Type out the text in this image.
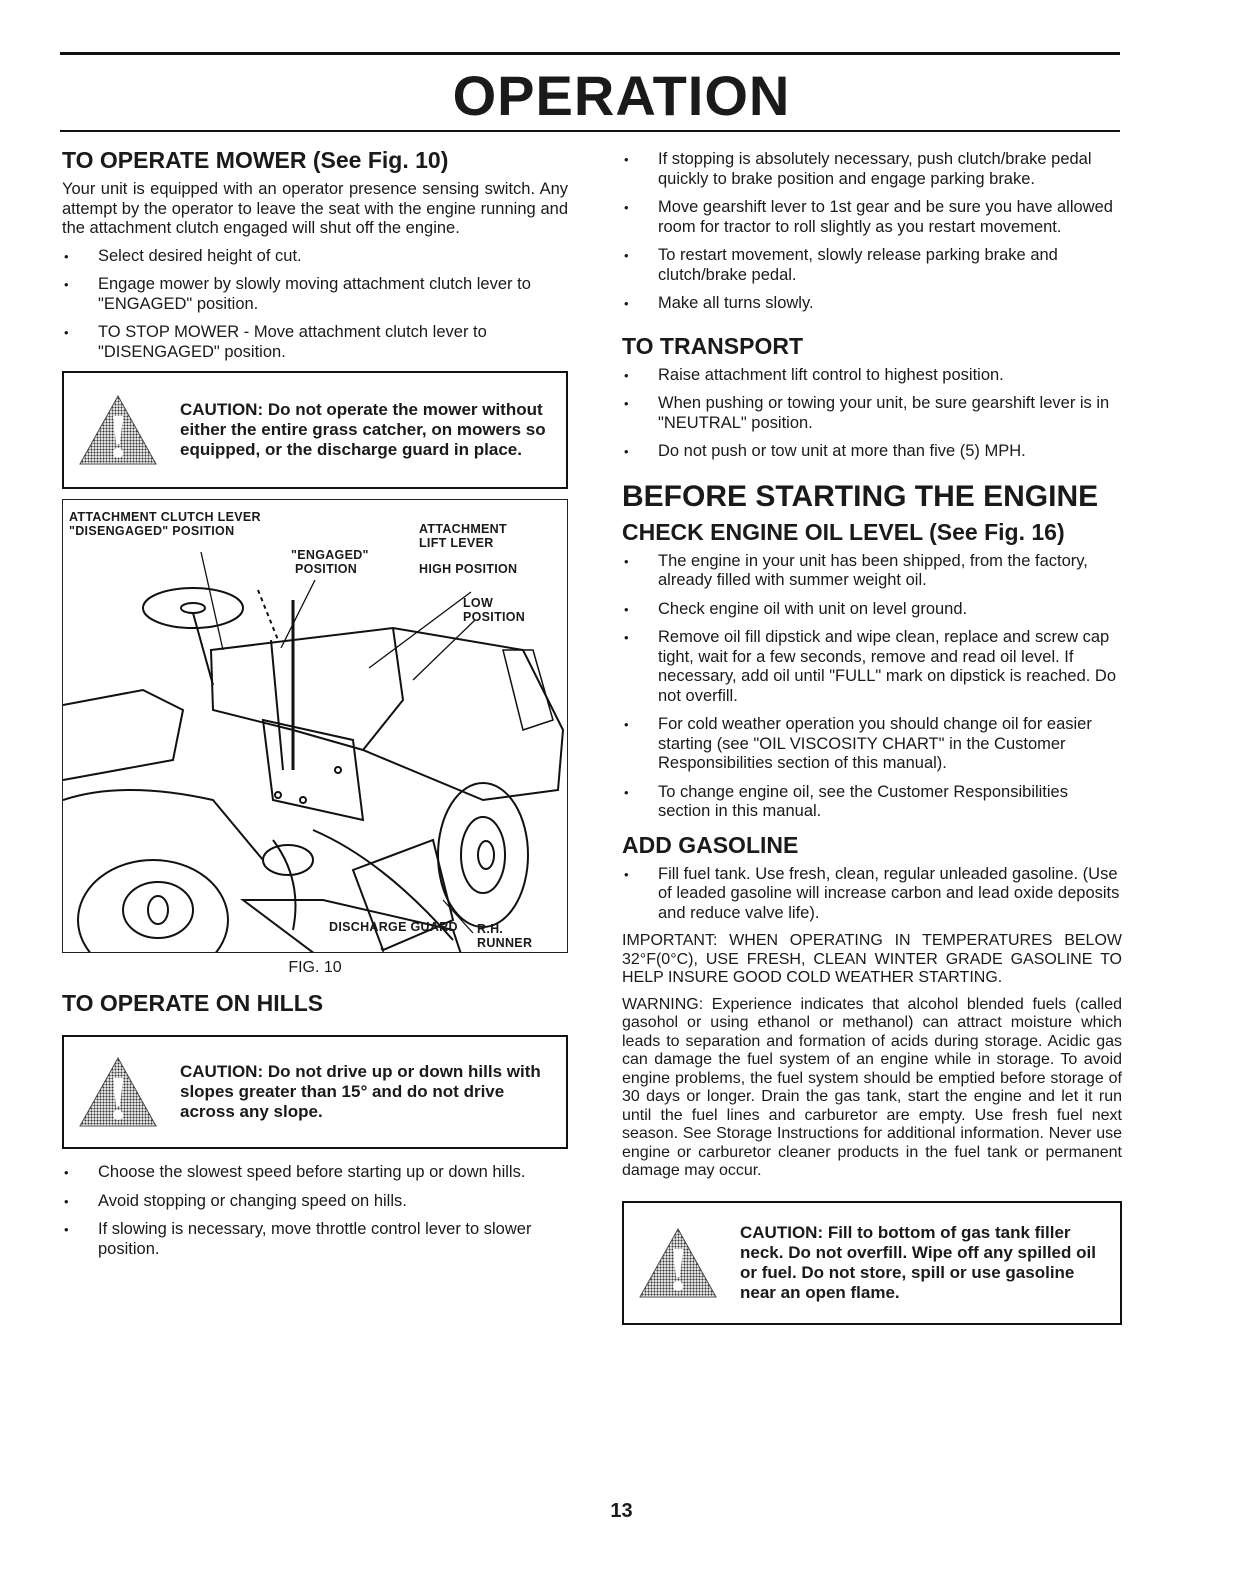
OPERATION
TO OPERATE MOWER (See Fig. 10)

Your unit is equipped with an operator presence sensing switch. Any attempt by the operator to leave the seat with the engine running and the attachment clutch engaged will shut off the engine.

• Select desired height of cut.
• Engage mower by slowly moving attachment clutch lever to "ENGAGED" position.
• TO STOP MOWER - Move attachment clutch lever to "DISENGAGED" position.
CAUTION: Do not operate the mower without either the entire grass catcher, on mowers so equipped, or the discharge guard in place.
ATTACHMENT CLUTCH LEVER
"DISENGAGED" POSITION
"ENGAGED"
POSITION
ATTACHMENT
LIFT LEVER
HIGH POSITION
LOW
POSITION
R.H.
RUNNER
DISCHARGE GUARD
FIG. 10
TO OPERATE ON HILLS
CAUTION: Do not drive up or down hills with slopes greater than 15° and do not drive across any slope.
• Choose the slowest speed before starting up or down hills.
• Avoid stopping or changing speed on hills.
• If slowing is necessary, move throttle control lever to slower position.
• If stopping is absolutely necessary, push clutch/brake pedal quickly to brake position and engage parking brake.
• Move gearshift lever to 1st gear and be sure you have allowed room for tractor to roll slightly as you restart movement.
• To restart movement, slowly release parking brake and clutch/brake pedal.
• Make all turns slowly.
TO TRANSPORT
• Raise attachment lift control to highest position.
• When pushing or towing your unit, be sure gearshift lever is in "NEUTRAL" position.
• Do not push or tow unit at more than five (5) MPH.
BEFORE STARTING THE ENGINE
CHECK ENGINE OIL LEVEL (See Fig. 16)
• The engine in your unit has been shipped, from the factory, already filled with summer weight oil.
• Check engine oil with unit on level ground.
• Remove oil fill dipstick and wipe clean, replace and screw cap tight, wait for a few seconds, remove and read oil level. If necessary, add oil until "FULL" mark on dipstick is reached. Do not overfill.
• For cold weather operation you should change oil for easier starting (see "OIL VISCOSITY CHART" in the Customer Responsibilities section of this manual).
• To change engine oil, see the Customer Responsibilities section in this manual.
ADD GASOLINE
• Fill fuel tank. Use fresh, clean, regular unleaded gasoline. (Use of leaded gasoline will increase carbon and lead oxide deposits and reduce valve life).
IMPORTANT: WHEN OPERATING IN TEMPERATURES BELOW 32°F(0°C), USE FRESH, CLEAN WINTER GRADE GASOLINE TO HELP INSURE GOOD COLD WEATHER STARTING.
WARNING: Experience indicates that alcohol blended fuels (called gasohol or using ethanol or methanol) can attract moisture which leads to separation and formation of acids during storage. Acidic gas can damage the fuel system of an engine while in storage. To avoid engine problems, the fuel system should be emptied before storage of 30 days or longer. Drain the gas tank, start the engine and let it run until the fuel lines and carburetor are empty. Use fresh fuel next season. See Storage Instructions for additional information. Never use engine or carburetor cleaner products in the fuel tank or permanent damage may occur.
CAUTION: Fill to bottom of gas tank filler neck. Do not overfill. Wipe off any spilled oil or fuel. Do not store, spill or use gasoline near an open flame.
13
